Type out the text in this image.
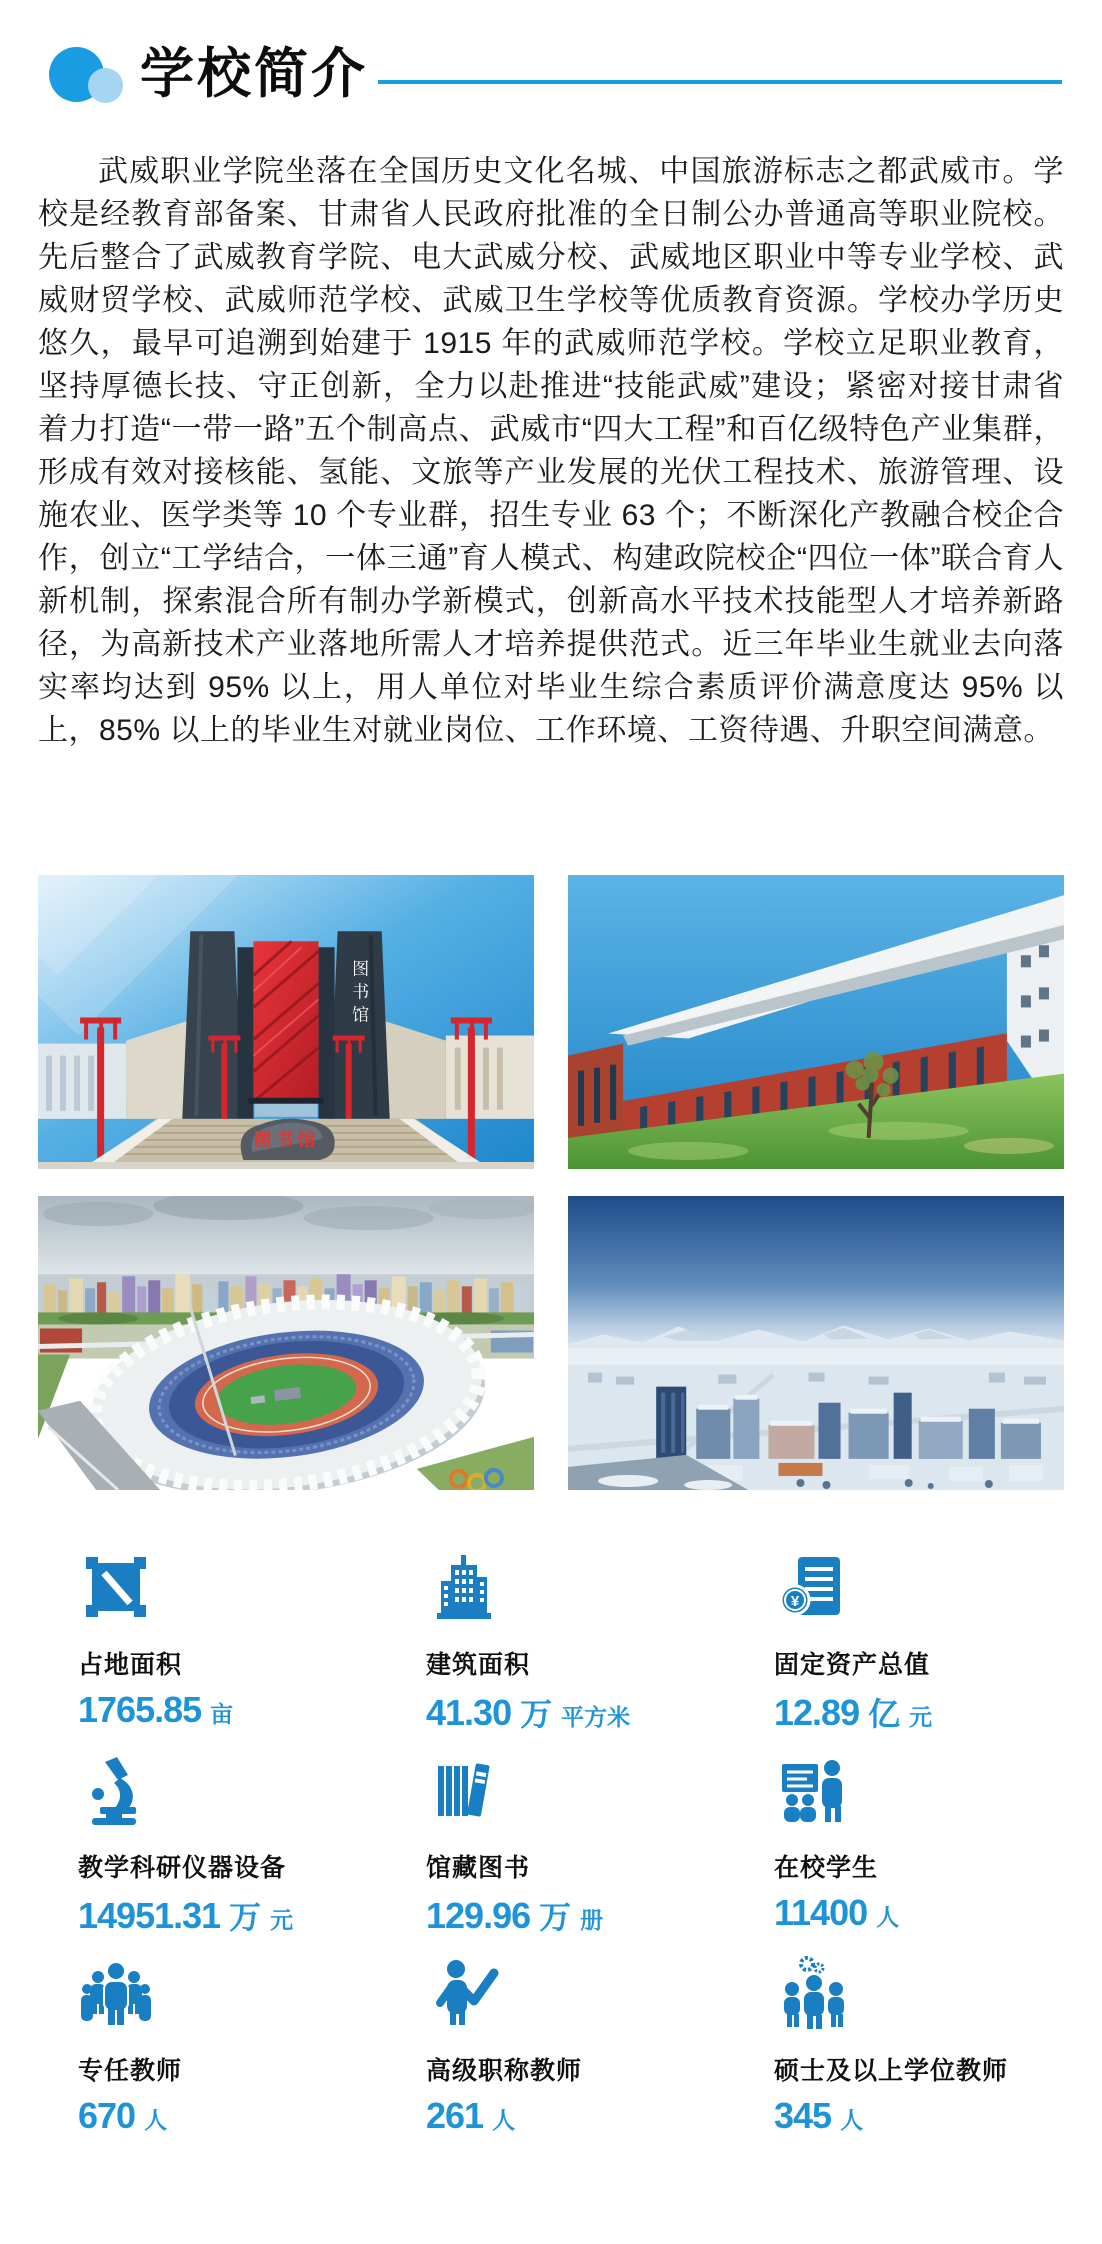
学校简介
武威职业学院坐落在全国历史文化名城、中国旅游标志之都武威市。学校是经教育部备案、甘肃省人民政府批准的全日制公办普通高等职业院校。先后整合了武威教育学院、电大武威分校、武威地区职业中等专业学校、武威财贸学校、武威师范学校、武威卫生学校等优质教育资源。学校办学历史悠久，最早可追溯到始建于 1915 年的武威师范学校。学校立足职业教育，坚持厚德长技、守正创新，全力以赴推进“技能武威”建设；紧密对接甘肃省着力打造“一带一路”五个制高点、武威市“四大工程”和百亿级特色产业集群，形成有效对接核能、氢能、文旅等产业发展的光伏工程技术、旅游管理、设施农业、医学类等 10 个专业群，招生专业 63 个；不断深化产教融合校企合作，创立“工学结合，一体三通”育人模式、构建政院校企“四位一体”联合育人新机制，探索混合所有制办学新模式，创新高水平技术技能型人才培养新路径，为高新技术产业落地所需人才培养提供范式。近三年毕业生就业去向落实率均达到 95% 以上，用人单位对毕业生综合素质评价满意度达 95% 以上，85% 以上的毕业生对就业岗位、工作环境、工资待遇、升职空间满意。
图书馆
图书馆
占地面积
1765.85 亩
建筑面积
41.30 万 平方米
¥
固定资产总值
12.89 亿 元
教学科研仪器设备
14951.31 万 元
馆藏图书
129.96 万 册
在校学生
11400 人
专任教师
670 人
高级职称教师
261 人
硕士及以上学位教师
345 人
